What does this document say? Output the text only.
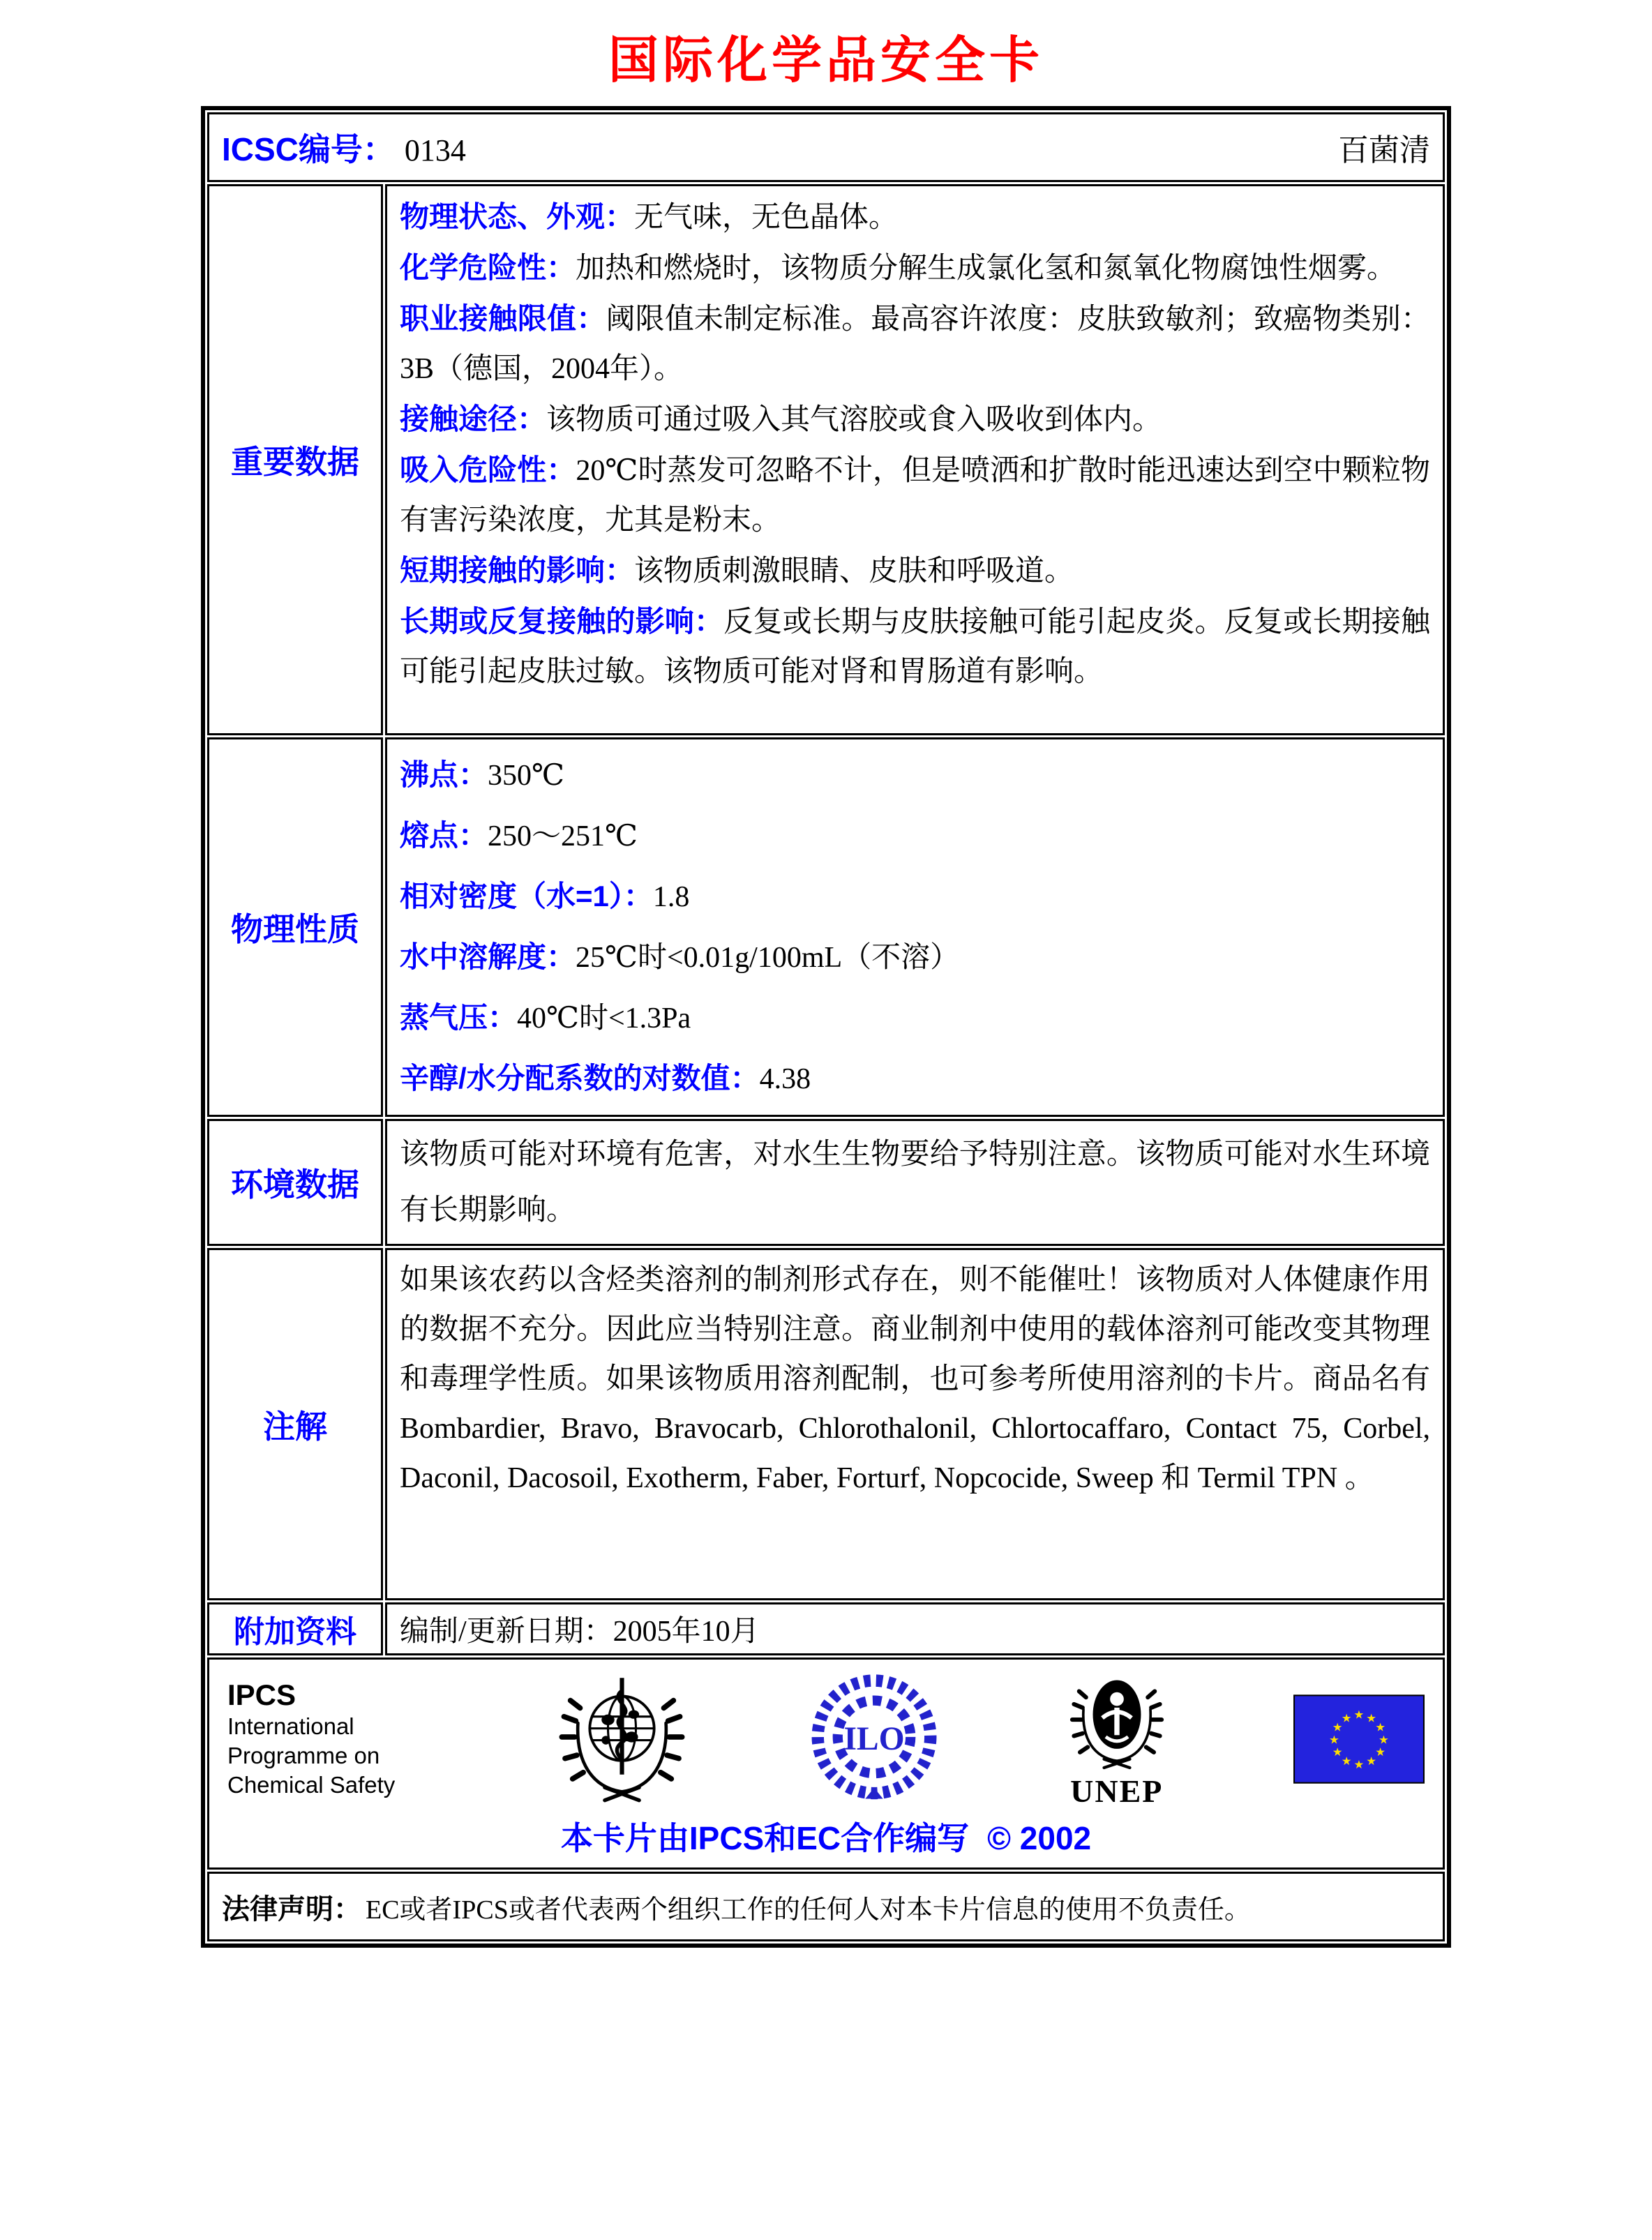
国际化学品安全卡
ICSC编号： 0134	百菌清
重要数据

物理状态、外观：无气味，无色晶体。

化学危险性：加热和燃烧时，该物质分解生成氯化氢和氮氧化物腐蚀性烟雾。

职业接触限值：阈限值未制定标准。最高容许浓度：皮肤致敏剂；致癌物类别：3B（德国，2004年）。

接触途径：该物质可通过吸入其气溶胶或食入吸收到体内。

吸入危险性：20℃时蒸发可忽略不计，但是喷洒和扩散时能迅速达到空中颗粒物有害污染浓度，尤其是粉末。

短期接触的影响：该物质刺激眼睛、皮肤和呼吸道。

长期或反复接触的影响：反复或长期与皮肤接触可能引起皮炎。反复或长期接触可能引起皮肤过敏。该物质可能对肾和胃肠道有影响。

物理性质

沸点：350℃

熔点：250～251℃

相对密度（水=1）：1.8

水中溶解度：25℃时<0.01g/100mL（不溶）

蒸气压：40℃时<1.3Pa

辛醇/水分配系数的对数值：4.38

环境数据

该物质可能对环境有危害，对水生生物要给予特别注意。该物质可能对水生环境有长期影响。

注解

如果该农药以含烃类溶剂的制剂形式存在，则不能催吐！该物质对人体健康作用的数据不充分。因此应当特别注意。商业制剂中使用的载体溶剂可能改变其物理和毒理学性质。如果该物质用溶剂配制，也可参考所使用溶剂的卡片。商品名有Bombardier, Bravo, Bravocarb, Chlorothalonil, Chlortocaffaro, Contact 75, Corbel, Daconil, Dacosoil, Exotherm, Faber, Forturf, Nopcocide, Sweep 和 Termil TPN 。

附加资料	编制/更新日期： 2005年10月
IPCS
International
Programme on
Chemical Safety
ILO
UNEP
★ ★
★
★
★
★
★
★
★
★
★
★
本卡片由IPCS和EC合作编写 © 2002
法律声明： EC或者IPCS或者代表两个组织工作的任何人对本卡片信息的使用不负责任。
